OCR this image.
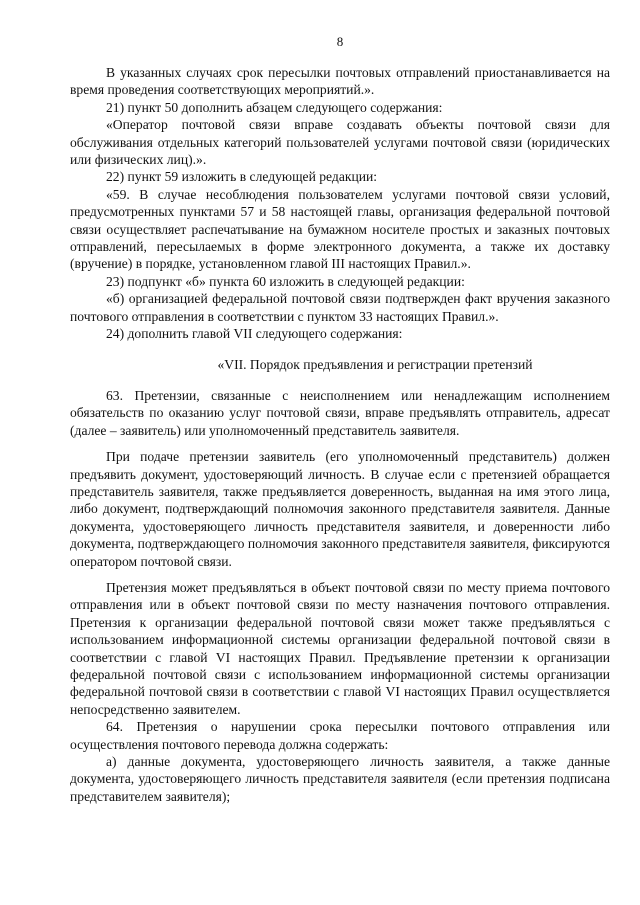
8

В указанных случаях срок пересылки почтовых отправлений приостанавливается на время проведения соответствующих мероприятий.».

21) пункт 50 дополнить абзацем следующего содержания:

«Оператор почтовой связи вправе создавать объекты почтовой связи для обслуживания отдельных категорий пользователей услугами почтовой связи (юридических или физических лиц).».

22) пункт 59 изложить в следующей редакции:

«59. В случае несоблюдения пользователем услугами почтовой связи условий, предусмотренных пунктами 57 и 58 настоящей главы, организация федеральной почтовой связи осуществляет распечатывание на бумажном носителе простых и заказных почтовых отправлений, пересылаемых в форме электронного документа, а также их доставку (вручение) в порядке, установленном главой III настоящих Правил.».

23) подпункт «б» пункта 60 изложить в следующей редакции:

«б) организацией федеральной почтовой связи подтвержден факт вручения заказного почтового отправления в соответствии с пунктом 33 настоящих Правил.».

24) дополнить главой VII следующего содержания:

«VII. Порядок предъявления и регистрации претензий

63. Претензии, связанные с неисполнением или ненадлежащим исполнением обязательств по оказанию услуг почтовой связи, вправе предъявлять отправитель, адресат (далее – заявитель) или уполномоченный представитель заявителя.

При подаче претензии заявитель (его уполномоченный представитель) должен предъявить документ, удостоверяющий личность. В случае если с претензией обращается представитель заявителя, также предъявляется доверенность, выданная на имя этого лица, либо документ, подтверждающий полномочия законного представителя заявителя. Данные документа, удостоверяющего личность представителя заявителя, и доверенности либо документа, подтверждающего полномочия законного представителя заявителя, фиксируются оператором почтовой связи.

Претензия может предъявляться в объект почтовой связи по месту приема почтового отправления или в объект почтовой связи по месту назначения почтового отправления. Претензия к организации федеральной почтовой связи может также предъявляться с использованием информационной системы организации федеральной почтовой связи в соответствии с главой VI настоящих Правил. Предъявление претензии к организации федеральной почтовой связи с использованием информационной системы организации федеральной почтовой связи в соответствии с главой VI настоящих Правил осуществляется непосредственно заявителем.

64. Претензия о нарушении срока пересылки почтового отправления или осуществления почтового перевода должна содержать:

а) данные документа, удостоверяющего личность заявителя, а также данные документа, удостоверяющего личность представителя заявителя (если претензия подписана представителем заявителя);
